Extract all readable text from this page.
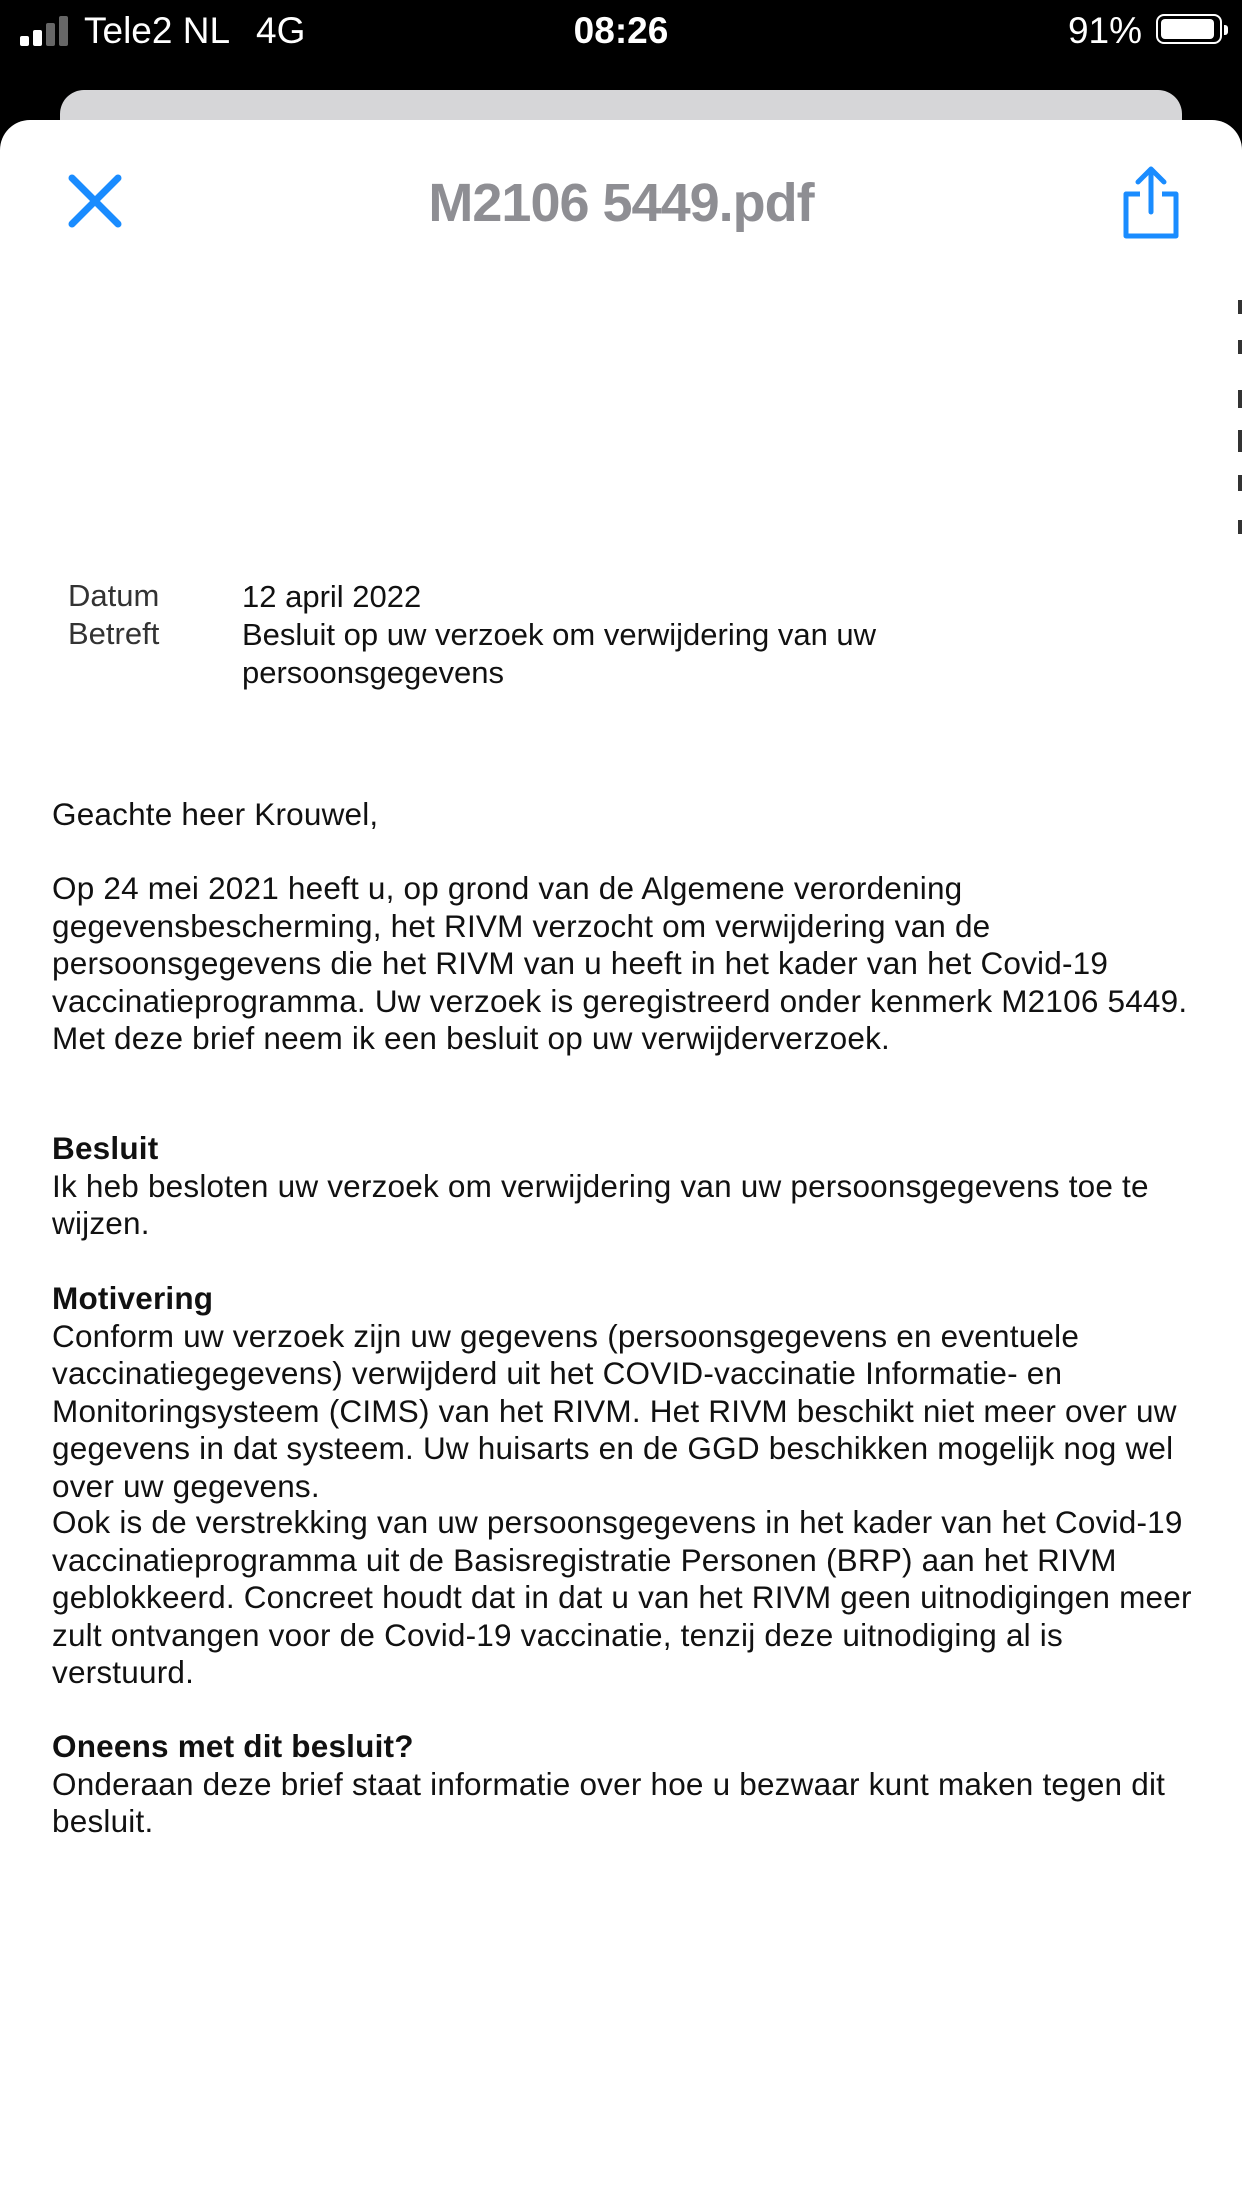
Tele2 NL 4G	08:26	91%
M2106 5449.pdf
Datum	12 april 2022
Betreft	Besluit op uw verzoek om verwijdering van uw persoonsgegevens

Geachte heer Krouwel,

Op 24 mei 2021 heeft u, op grond van de Algemene verordening gegevensbescherming, het RIVM verzocht om verwijdering van de persoonsgegevens die het RIVM van u heeft in het kader van het Covid-19 vaccinatieprogramma. Uw verzoek is geregistreerd onder kenmerk M2106 5449. Met deze brief neem ik een besluit op uw verwijderverzoek.

Besluit
Ik heb besloten uw verzoek om verwijdering van uw persoonsgegevens toe te wijzen.
Motivering
Conform uw verzoek zijn uw gegevens (persoonsgegevens en eventuele vaccinatiegegevens) verwijderd uit het COVID-vaccinatie Informatie- en Monitoringsysteem (CIMS) van het RIVM. Het RIVM beschikt niet meer over uw gegevens in dat systeem. Uw huisarts en de GGD beschikken mogelijk nog wel over uw gegevens.

Ook is de verstrekking van uw persoonsgegevens in het kader van het Covid-19 vaccinatieprogramma uit de Basisregistratie Personen (BRP) aan het RIVM geblokkeerd. Concreet houdt dat in dat u van het RIVM geen uitnodigingen meer zult ontvangen voor de Covid-19 vaccinatie, tenzij deze uitnodiging al is verstuurd.

Oneens met dit besluit?
Onderaan deze brief staat informatie over hoe u bezwaar kunt maken tegen dit besluit.
